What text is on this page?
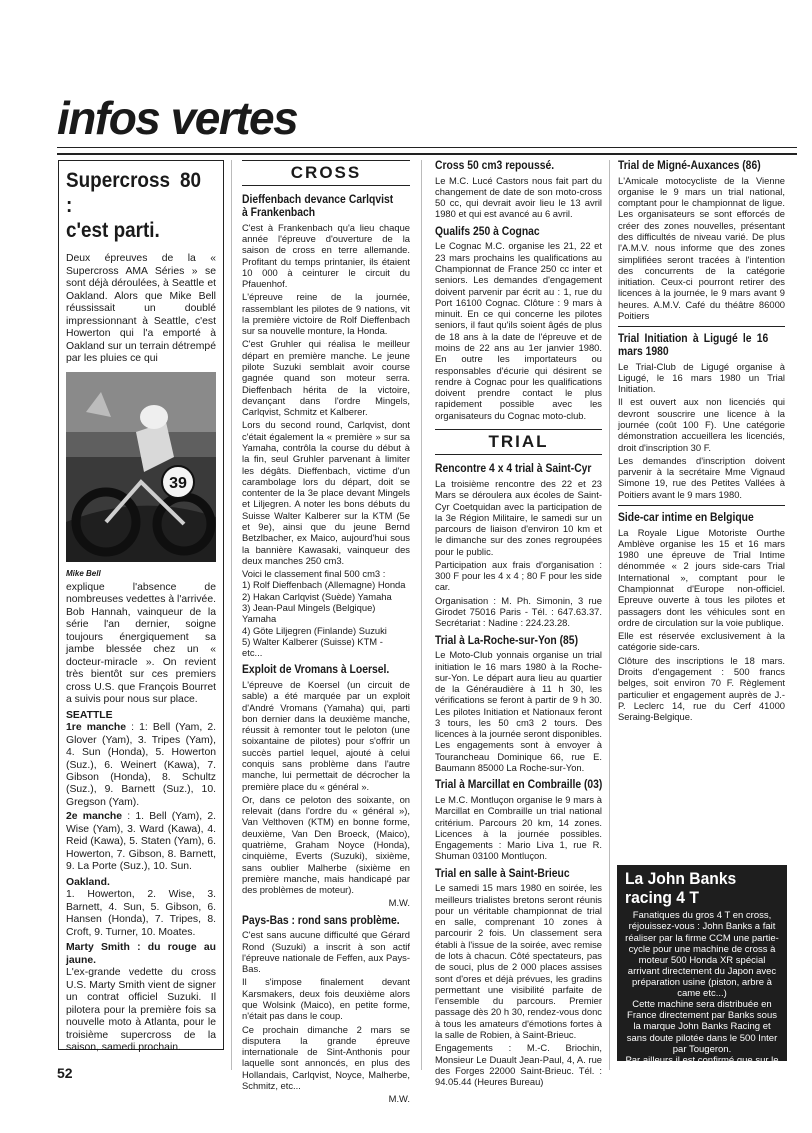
infos vertes
Supercross 80 :
c'est parti.

Deux épreuves de la « Supercross AMA Séries » se sont déjà déroulées, à Seattle et Oakland. Alors que Mike Bell réussissait un doublé impressionnant à Seattle, c'est Howerton qui l'a emporté à Oakland sur un terrain détrempé par les pluies ce qui

39
Mike Bell

explique l'absence de nombreuses vedettes à l'arrivée. Bob Hannah, vainqueur de la série l'an dernier, soigne toujours énergiquement sa jambe blessée chez un « docteur-miracle ». On revient très bientôt sur ces premiers cross U.S. que François Bourret a suivis pour nous sur place.

SEATTLE

1re manche : 1: Bell (Yam, 2. Glover (Yam), 3. Tripes (Yam), 4. Sun (Honda), 5. Howerton (Suz.), 6. Weinert (Kawa), 7. Gibson (Honda), 8. Schultz (Suz.), 9. Barnett (Suz.), 10. Gregson (Yam).

2e manche : 1. Bell (Yam), 2. Wise (Yam), 3. Ward (Kawa), 4. Reid (Kawa), 5. Staten (Yam), 6. Howerton, 7. Gibson, 8. Barnett, 9. La Porte (Suz.), 10. Sun.

Oakland.

1. Howerton, 2. Wise, 3. Barnett, 4. Sun, 5. Gibson, 6. Hansen (Honda), 7. Tripes, 8. Croft, 9. Turner, 10. Moates.

Marty Smith : du rouge au jaune.

L'ex-grande vedette du cross U.S. Marty Smith vient de signer un contrat officiel Suzuki. Il pilotera pour la première fois sa nouvelle moto à Atlanta, pour le troisième supercross de la saison, samedi prochain.

CROSS
Dieffenbach devance Carlqvist à Frankenbach

C'est à Frankenbach qu'a lieu chaque année l'épreuve d'ouverture de la saison de cross en terre allemande. Profitant du temps printanier, ils étaient 10 000 à ceinturer le circuit du Pfauenhof.

L'épreuve reine de la journée, rassemblant les pilotes de 9 nations, vit la première victoire de Rolf Dieffenbach sur sa nouvelle monture, la Honda.

C'est Gruhler qui réalisa le meilleur départ en première manche. Le jeune pilote Suzuki semblait avoir course gagnée quand son moteur serra. Dieffenbach hérita de la victoire, devançant dans l'ordre Mingels, Carlqvist, Schmitz et Kalberer.

Lors du second round, Carlqvist, dont c'était également la « première » sur sa Yamaha, contrôla la course du début à la fin, seul Gruhler parvenant à limiter les dégâts. Dieffenbach, victime d'un carambolage lors du départ, doit se contenter de la 3e place devant Mingels et Liljegren. A noter les bons débuts du Suisse Walter Kalberer sur la KTM (5e et 9e), ainsi que du jeune Bernd Betzlbacher, ex Maico, aujourd'hui sous la bannière Kawasaki, vainqueur des deux manches 250 cm3.

Voici le classement final 500 cm3 :
1) Rolf Dieffenbach (Allemagne) Honda
2) Hakan Carlqvist (Suède) Yamaha
3) Jean-Paul Mingels (Belgique) Yamaha
4) Göte Liljegren (Finlande) Suzuki
5) Walter Kalberer (Suisse) KTM -
etc...

Exploit de Vromans à Loersel.

L'épreuve de Koersel (un circuit de sable) a été marquée par un exploit d'André Vromans (Yamaha) qui, parti bon dernier dans la deuxième manche, réussit à remonter tout le peloton (une soixantaine de pilotes) pour s'offrir un succès partiel lequel, ajouté à celui conquis sans problème dans l'autre manche, lui permettait de décrocher la première place du « général ».

Or, dans ce peloton des soixante, on relevait (dans l'ordre du « général »), Van Velthoven (KTM) en bonne forme, deuxième, Van Den Broeck, (Maico), quatrième, Graham Noyce (Honda), cinquième, Everts (Suzuki), sixième, sans oublier Malherbe (sixième en première manche, mais handicapé par des problèmes de moteur).

M.W.
Pays-Bas : rond sans problème.

C'est sans aucune difficulté que Gérard Rond (Suzuki) a inscrit à son actif l'épreuve nationale de Feffen, aux Pays-Bas.

Il s'impose finalement devant Karsmakers, deux fois deuxième alors que Wolsink (Maico), en petite forme, n'était pas dans le coup.

Ce prochain dimanche 2 mars se disputera la grande épreuve internationale de Sint-Anthonis pour laquelle sont annoncés, en plus des Hollandais, Carlqvist, Noyce, Malherbe, Schmitz, etc...

M.W.
Cross 50 cm3 repoussé.

Le M.C. Lucé Castors nous fait part du changement de date de son moto-cross 50 cc, qui devrait avoir lieu le 13 avril 1980 et qui est avancé au 6 avril.

Qualifs 250 à Cognac

Le Cognac M.C. organise les 21, 22 et 23 mars prochains les qualifications au Championnat de France 250 cc inter et seniors. Les demandes d'engagement doivent parvenir par écrit au : 1, rue du Port 16100 Cognac. Clôture : 9 mars à minuit. En ce qui concerne les pilotes seniors, il faut qu'ils soient âgés de plus de 18 ans à la date de l'épreuve et de moins de 22 ans au 1er janvier 1980. En outre les importateurs ou responsables d'écurie qui désirent se rendre à Cognac pour les qualifications doivent prendre contact le plus rapidement possible avec les organisateurs du Cognac moto-club.

TRIAL
Rencontre 4 x 4 trial à Saint-Cyr

La troisième rencontre des 22 et 23 Mars se déroulera aux écoles de Saint-Cyr Coetquidan avec la participation de la 3e Région Militaire, le samedi sur un parcours de liaison d'environ 10 km et le dimanche sur des zones regroupées pour le public.

Participation aux frais d'organisation : 300 F pour les 4 x 4 ; 80 F pour les side car.

Organisation : M. Ph. Simonin, 3 rue Girodet 75016 Paris - Tél. : 647.63.37. Secrétariat : Nadine : 224.23.28.

Trial à La-Roche-sur-Yon (85)

Le Moto-Club yonnais organise un trial initiation le 16 mars 1980 à la Roche-sur-Yon. Le départ aura lieu au quartier de la Généraudière à 11 h 30, les vérifications se feront à partir de 9 h 30. Les pilotes Initiation et Nationaux feront 3 tours, les 50 cm3 2 tours. Des licences à la journée seront disponibles. Les engagements sont à envoyer à Tourancheau Dominique 66, rue E. Baumann 85000 La Roche-sur-Yon.

Trial à Marcillat en Combraille (03)

Le M.C. Montluçon organise le 9 mars à Marcillat en Combraille un trial national critérium. Parcours 20 km, 14 zones. Licences à la journée possibles. Engagements : Mario Liva 1, rue R. Shuman 03100 Montluçon.

Trial en salle à Saint-Brieuc

Le samedi 15 mars 1980 en soirée, les meilleurs trialistes bretons seront réunis pour un véritable championnat de trial en salle, comprenant 10 zones à parcourir 2 fois. Un classement sera établi à l'issue de la soirée, avec remise de lots à chacun. Côté spectateurs, pas de souci, plus de 2 000 places assises sont d'ores et déjà prévues, les gradins permettant une visibilité parfaite de l'ensemble du parcours. Premier passage dès 20 h 30, rendez-vous donc à tous les amateurs d'émotions fortes à la salle de Robien, à Saint-Brieuc.

Engagements : M.-C. Briochin, Monsieur Le Duault Jean-Paul, 4, A. rue des Forges 22000 Saint-Brieuc. Tél. : 94.05.44 (Heures Bureau)

Trial de Migné-Auxances (86)

L'Amicale motocycliste de la Vienne organise le 9 mars un trial national, comptant pour le championnat de ligue. Les organisateurs se sont efforcés de créer des zones nouvelles, présentant des difficultés de niveau varié. De plus l'A.M.V. nous informe que des zones simplifiées seront tracées à l'intention des concurrents de la catégorie initiation. Ceux-ci pourront retirer des licences à la journée, le 9 mars avant 9 heures. A.M.V. Café du théâtre 86000 Poitiers

Trial Initiation à Ligugé le 16 mars 1980

Le Trial-Club de Ligugé organise à Ligugé, le 16 mars 1980 un Trial Initiation.

Il est ouvert aux non licenciés qui devront souscrire une licence à la journée (coût 100 F). Une catégorie démonstration accueillera les licenciés, droit d'inscription 30 F.

Les demandes d'inscription doivent parvenir à la secrétaire Mme Vignaud Simone 19, rue des Petites Vallées à Poitiers avant le 9 mars 1980.

Side-car intime en Belgique

La Royale Ligue Motoriste Ourthe Amblève organise les 15 et 16 mars 1980 une épreuve de Trial Intime dénommée « 2 jours side-cars Trial International », comptant pour le Championnat d'Europe non-officiel. Epreuve ouverte à tous les pilotes et passagers dont les véhicules sont en ordre de circulation sur la voie publique.

Elle est réservée exclusivement à la catégorie side-cars.

Clôture des inscriptions le 18 mars. Droits d'engagement : 500 francs belges, soit environ 70 F. Règlement particulier et engagement auprès de J.-P. Leclerc 14, rue du Cerf 41000 Seraing-Belgique.

La John Banks
racing 4 T

Fanatiques du gros 4 T en cross, réjouissez-vous : John Banks a fait réaliser par la firme CCM une partie-cycle pour une machine de cross à moteur 500 Honda XR spécial arrivant directement du Japon avec préparation usine (piston, arbre à came etc...)

Cette machine sera distribuée en France directement par Banks sous la marque John Banks Racing et sans doute pilotée dans le 500 Inter par Tougeron.

Par ailleurs il est confirmé que sur le terrain de St-Jean d'Angely se déroulera le 20 avril le traditionnel moto-cross Inter 4 temps avec cette année une maxi participation (les 10 premiers du championnat d'Angleterre 4 Temps).

52
